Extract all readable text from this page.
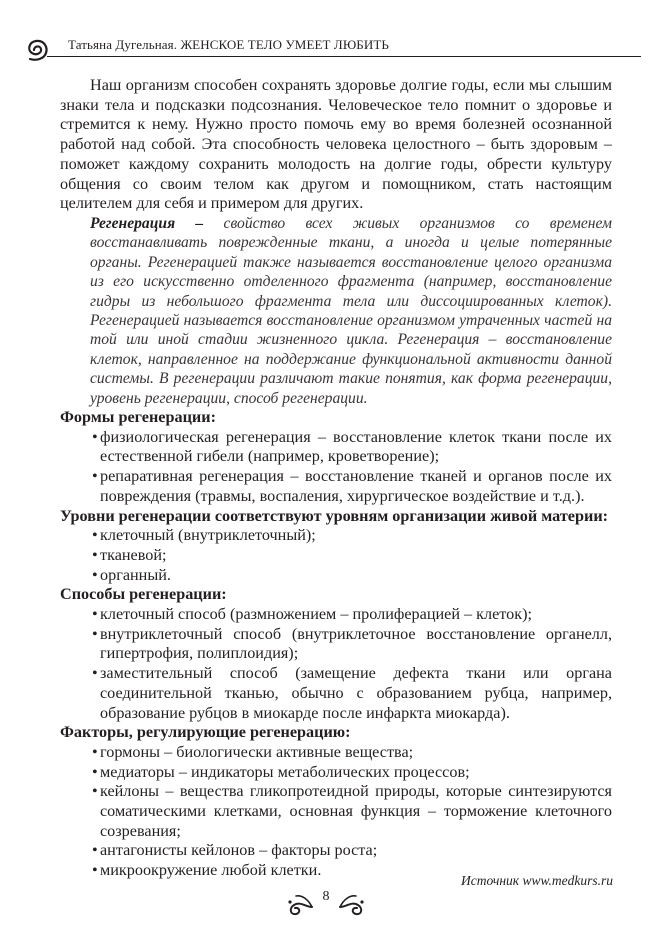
Татьяна Дугельная. ЖЕНСКОЕ ТЕЛО УМЕЕТ ЛЮБИТЬ

Наш организм способен сохранять здоровье долгие годы, если мы слышим знаки тела и подсказки подсознания. Человеческое тело помнит о здоровье и стремится к нему. Нужно просто помочь ему во время болезней осознанной работой над собой. Эта способность человека целостного – быть здоровым – поможет каждому сохранить молодость на долгие годы, обрести культуру общения со своим телом как другом и помощником, стать настоящим целителем для себя и примером для других.

Регенерация – свойство всех живых организмов со временем восстанавливать поврежденные ткани, а иногда и целые потерянные органы. Регенерацией также называется восстановление целого организма из его искусственно отделенного фрагмента (например, восстановление гидры из небольшого фрагмента тела или диссоциированных клеток). Регенерацией называется восстановление организмом утраченных частей на той или иной стадии жизненного цикла. Регенерация – восстановление клеток, направленное на поддержание функциональной активности данной системы. В регенерации различают такие понятия, как форма регенерации, уровень регенерации, способ регенерации.

Формы регенерации:
• физиологическая регенерация – восстановление клеток ткани после их естественной гибели (например, кроветворение);
• репаративная регенерация – восстановление тканей и органов после их повреждения (травмы, воспаления, хирургическое воздействие и т.д.).
Уровни регенерации соответствуют уровням организации живой материи:
• клеточный (внутриклеточный);
• тканевой;
• органный.
Способы регенерации:
• клеточный способ (размножением – пролиферацией – клеток);
• внутриклеточный способ (внутриклеточное восстановление органелл, гипертрофия, полиплоидия);
• заместительный способ (замещение дефекта ткани или органа соединительной тканью, обычно с образованием рубца, например, образование рубцов в миокарде после инфаркта миокарда).
Факторы, регулирующие регенерацию:
• гормоны – биологически активные вещества;
• медиаторы – индикаторы метаболических процессов;
• кейлоны – вещества гликопротеидной природы, которые синтезируются соматическими клетками, основная функция – торможение клеточного созревания;
• антагонисты кейлонов – факторы роста;
• микроокружение любой клетки.
Источник www.medkurs.ru
8
